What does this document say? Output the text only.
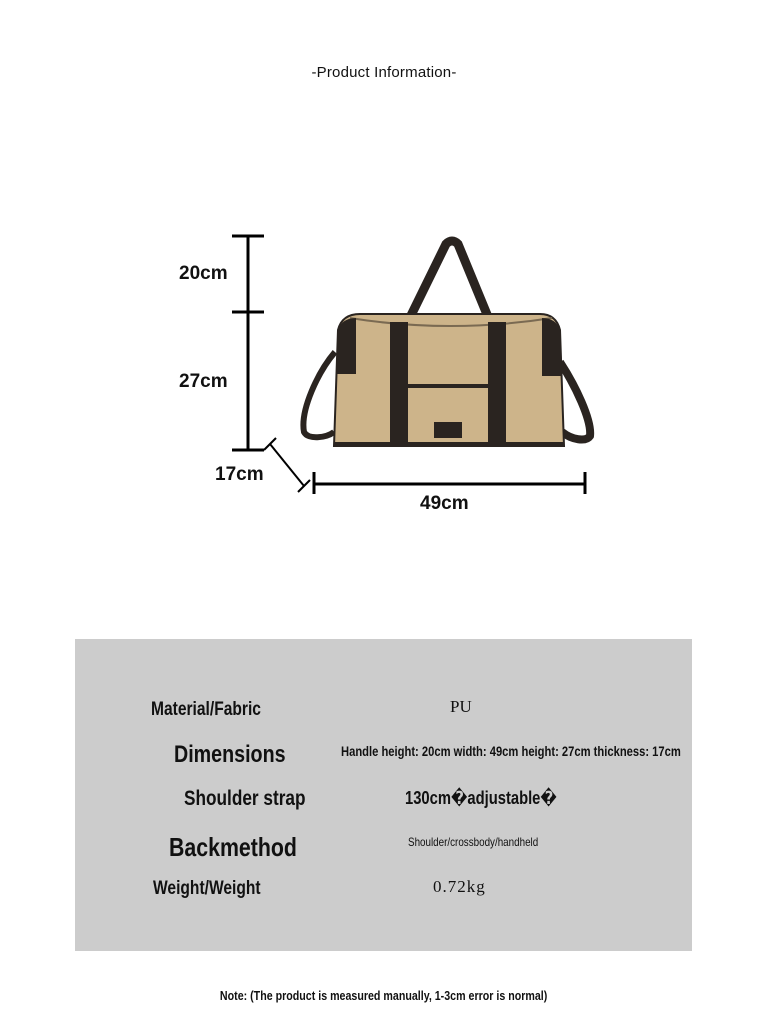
-Product Information-
20cm
27cm
17cm
49cm
Material/Fabric	PU
Dimensions	Handle height: 20cm width: 49cm height: 27cm thickness: 17cm
Shoulder strap	130cm�adjustable�
Backmethod	Shoulder/crossbody/handheld
Weight/Weight	0.72kg
Note: (The product is measured manually, 1-3cm error is normal)
